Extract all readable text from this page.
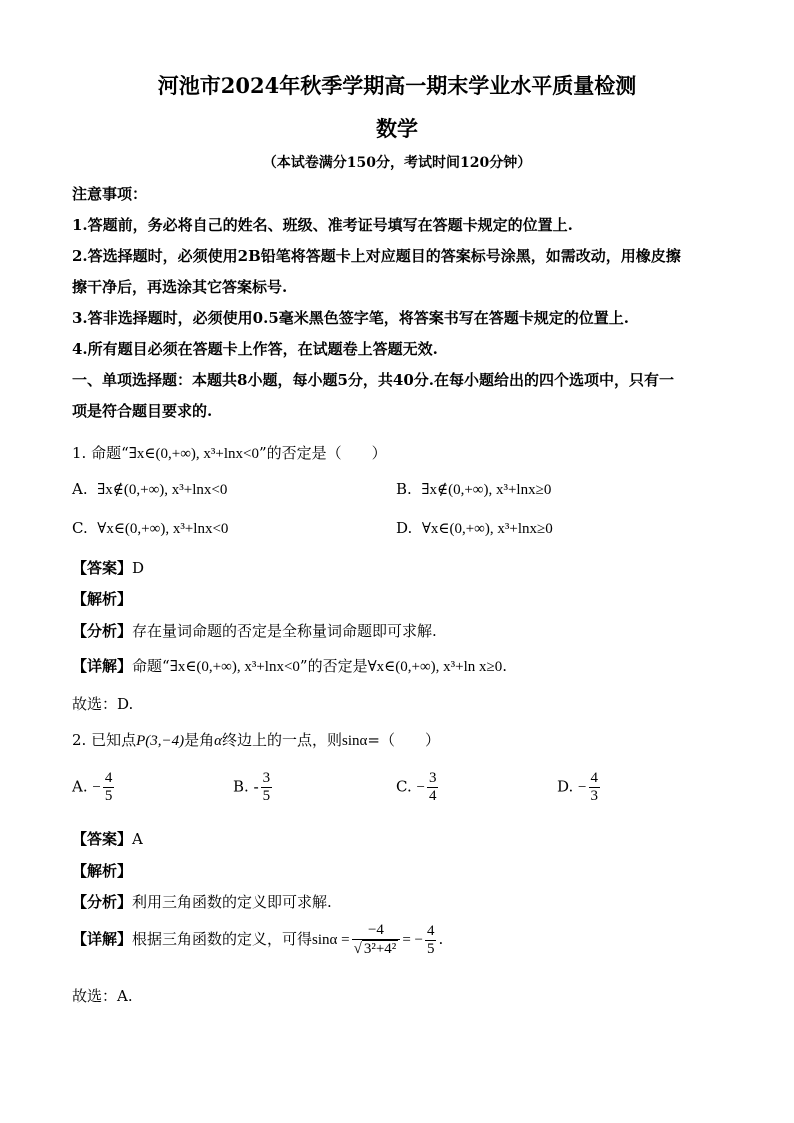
河池市2024年秋季学期高一期末学业水平质量检测
数学
（本试卷满分150分，考试时间120分钟）
注意事项：
1.答题前，务必将自己的姓名、班级、准考证号填写在答题卡规定的位置上.
2.答选择题时，必须使用2B铅笔将答题卡上对应题目的答案标号涂黑，如需改动，用橡皮擦
擦干净后，再选涂其它答案标号.
3.答非选择题时，必须使用0.5毫米黑色签字笔，将答案书写在答题卡规定的位置上.
4.所有题目必须在答题卡上作答，在试题卷上答题无效.
一、单项选择题：本题共8小题，每小题5分，共40分.在每小题给出的四个选项中，只有一
项是符合题目要求的.
1. 命题“∃x∈(0,+∞), x³+lnx<0”的否定是（　　）
A. ∃x∉(0,+∞), x³+lnx<0	B. ∃x∉(0,+∞), x³+lnx≥0
C. ∀x∈(0,+∞), x³+lnx<0	D. ∀x∈(0,+∞), x³+lnx≥0
【答案】D
【解析】
【分析】存在量词命题的否定是全称量词命题即可求解.
【详解】命题“∃x∈(0,+∞), x³+lnx<0”的否定是∀x∈(0,+∞), x³+ln x≥0.
故选：D.
2. 已知点P(3,−4)是角α终边上的一点，则sinα=（　　）
A. − $\frac{4}{5}$	B. - $\frac{3}{5}$	C. − $\frac{3}{4}$	D. − $\frac{4}{3}$
【答案】A
【解析】
【分析】利用三角函数的定义即可求解.
【详解】根据三角函数的定义，可得$\sin\alpha = \frac{-4}{\text{√ 3²+4²}}$ = − $\frac{4}{5}$ .
故选：A.
